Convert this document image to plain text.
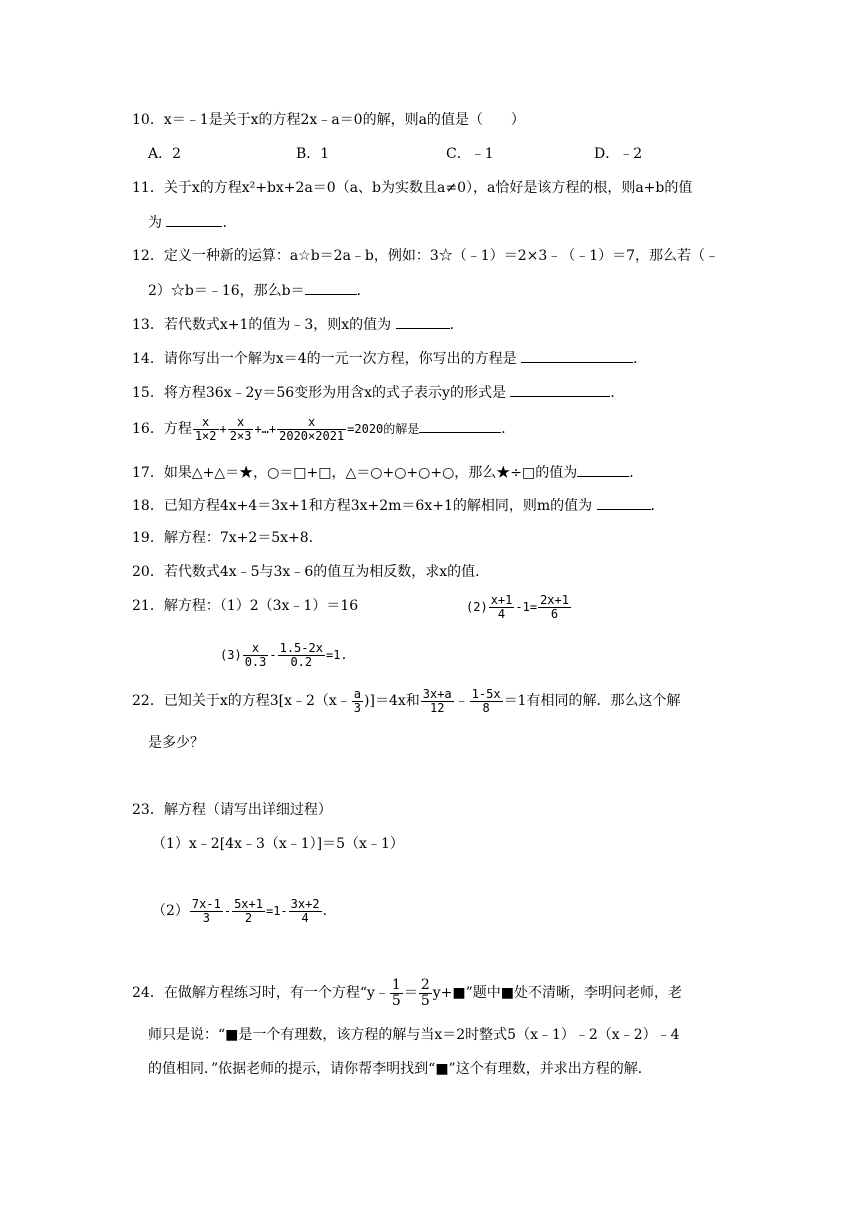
10．x＝﹣1是关于x的方程2x﹣a＝0的解，则a的值是（　　）
A．2	B．1	C．﹣1	D．﹣2
11．关于x的方程x²+bx+2a＝0（a、b为实数且a≠0），a恰好是该方程的根，则a+b的值
为	．
12．定义一种新的运算：a☆b＝2a﹣b，例如：3☆（﹣1）＝2×3﹣（﹣1）＝7，那么若（﹣
2）☆b＝﹣16，那么b＝	．
13．若代数式x+1的值为﹣3，则x的值为	．
14．请你写出一个解为x＝4的一元一次方程，你写出的方程是	．
15．将方程36x﹣2y＝56变形为用含x的式子表示y的形式是	．
16．方程 $\frac{x}{1\times 2} + \frac{x}{2\times 3}$ +…+ $\frac{x}{2020\times 2021} =2020$的解是	．
17．如果△+△＝★，○＝□+□，△＝○+○+○+○，那么★÷□的值为	．
18．已知方程4x+4＝3x+1和方程3x+2m＝6x+1的解相同，则m的值为	．
19．解方程：7x+2＝5x+8．
20．若代数式4x﹣5与3x﹣6的值互为相反数，求x的值．
21．解方程：（1）2（3x﹣1）＝16	$(2) \frac{x+1}{4} -1= \frac{2x+1}{6}$
$(3) \frac{x}{0.3} - \frac{1.5-2x}{0.2} =1$.
22．已知关于x的方程3[x﹣2（x﹣ $\frac{a}{3} )]=4x$和 $\frac{3x+a}{12}$ ﹣ $\frac{1-5x}{8} =1$有相同的解．那么这个解
是多少？
23．解方程（请写出详细过程）
（1）x﹣2[4x﹣3（x﹣1）]＝5（x﹣1）
$(2) \frac{7x-1}{3} - \frac{5x+1}{2} =1- \frac{3x+2}{4}$ .
24．在做解方程练习时，有一个方程“y﹣ $\frac{1}{5} = \frac{2}{5}$ y+■”题中■处不清晰，李明问老师，老
师只是说：“■是一个有理数，该方程的解与当x＝2时整式5（x﹣1）﹣2（x﹣2）﹣4
的值相同．”依据老师的提示，请你帮李明找到“■”这个有理数，并求出方程的解．
